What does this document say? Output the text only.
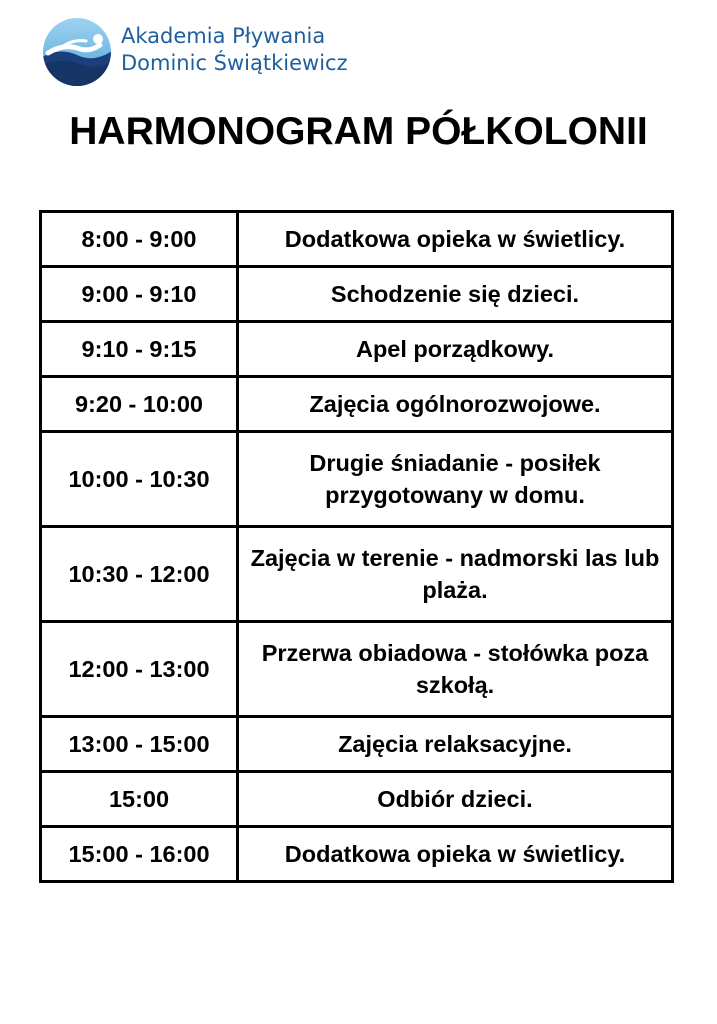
Akademia Pływania
Dominic Świątkiewicz
HARMONOGRAM PÓŁKOLONII
8:00 - 9:00	Dodatkowa opieka w świetlicy.
9:00 - 9:10	Schodzenie się dzieci.
9:10 - 9:15	Apel porządkowy.
9:20 - 10:00	Zajęcia ogólnorozwojowe.
10:00 - 10:30	Drugie śniadanie - posiłek przygotowany w domu.
10:30 - 12:00	Zajęcia w terenie - nadmorski las lub plaża.
12:00 - 13:00	Przerwa obiadowa - stołówka poza szkołą.
13:00 - 15:00	Zajęcia relaksacyjne.
15:00	Odbiór dzieci.
15:00 - 16:00	Dodatkowa opieka w świetlicy.
